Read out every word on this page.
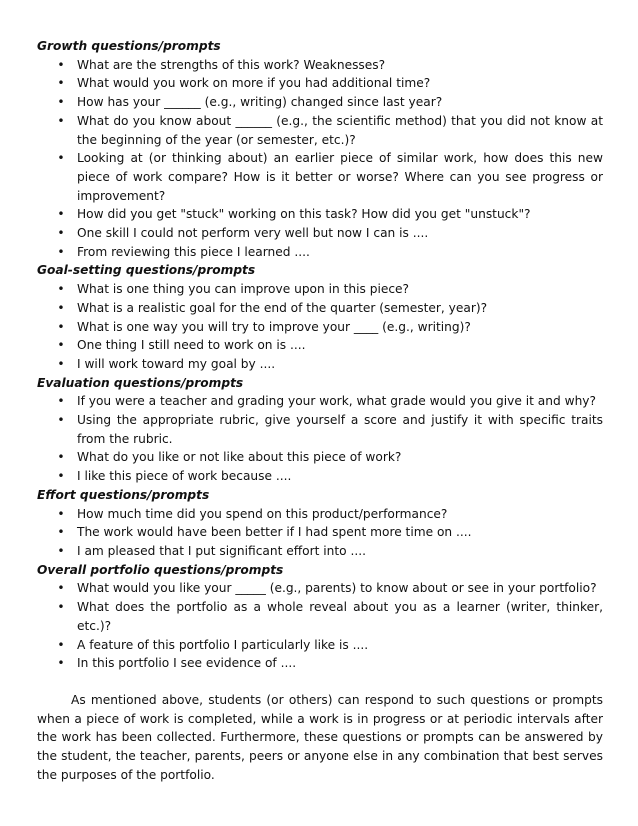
Growth questions/prompts

• What are the strengths of this work? Weaknesses?
• What would you work on more if you had additional time?
• How has your ______ (e.g., writing) changed since last year?
• What do you know about ______ (e.g., the scientific method) that you did not know at the beginning of the year (or semester, etc.)?
• Looking at (or thinking about) an earlier piece of similar work, how does this new piece of work compare? How is it better or worse? Where can you see progress or improvement?
• How did you get "stuck" working on this task? How did you get "unstuck"?
• One skill I could not perform very well but now I can is ....
• From reviewing this piece I learned ....

Goal-setting questions/prompts

• What is one thing you can improve upon in this piece?
• What is a realistic goal for the end of the quarter (semester, year)?
• What is one way you will try to improve your ____ (e.g., writing)?
• One thing I still need to work on is ....
• I will work toward my goal by ....

Evaluation questions/prompts

• If you were a teacher and grading your work, what grade would you give it and why?
• Using the appropriate rubric, give yourself a score and justify it with specific traits from the rubric.
• What do you like or not like about this piece of work?
• I like this piece of work because ....

Effort questions/prompts

• How much time did you spend on this product/performance?
• The work would have been better if I had spent more time on ....
• I am pleased that I put significant effort into ....

Overall portfolio questions/prompts

• What would you like your _____ (e.g., parents) to know about or see in your portfolio?
• What does the portfolio as a whole reveal about you as a learner (writer, thinker, etc.)?
• A feature of this portfolio I particularly like is ....
• In this portfolio I see evidence of ....

As mentioned above, students (or others) can respond to such questions or prompts when a piece of work is completed, while a work is in progress or at periodic intervals after the work has been collected. Furthermore, these questions or prompts can be answered by the student, the teacher, parents, peers or anyone else in any combination that best serves the purposes of the portfolio.
